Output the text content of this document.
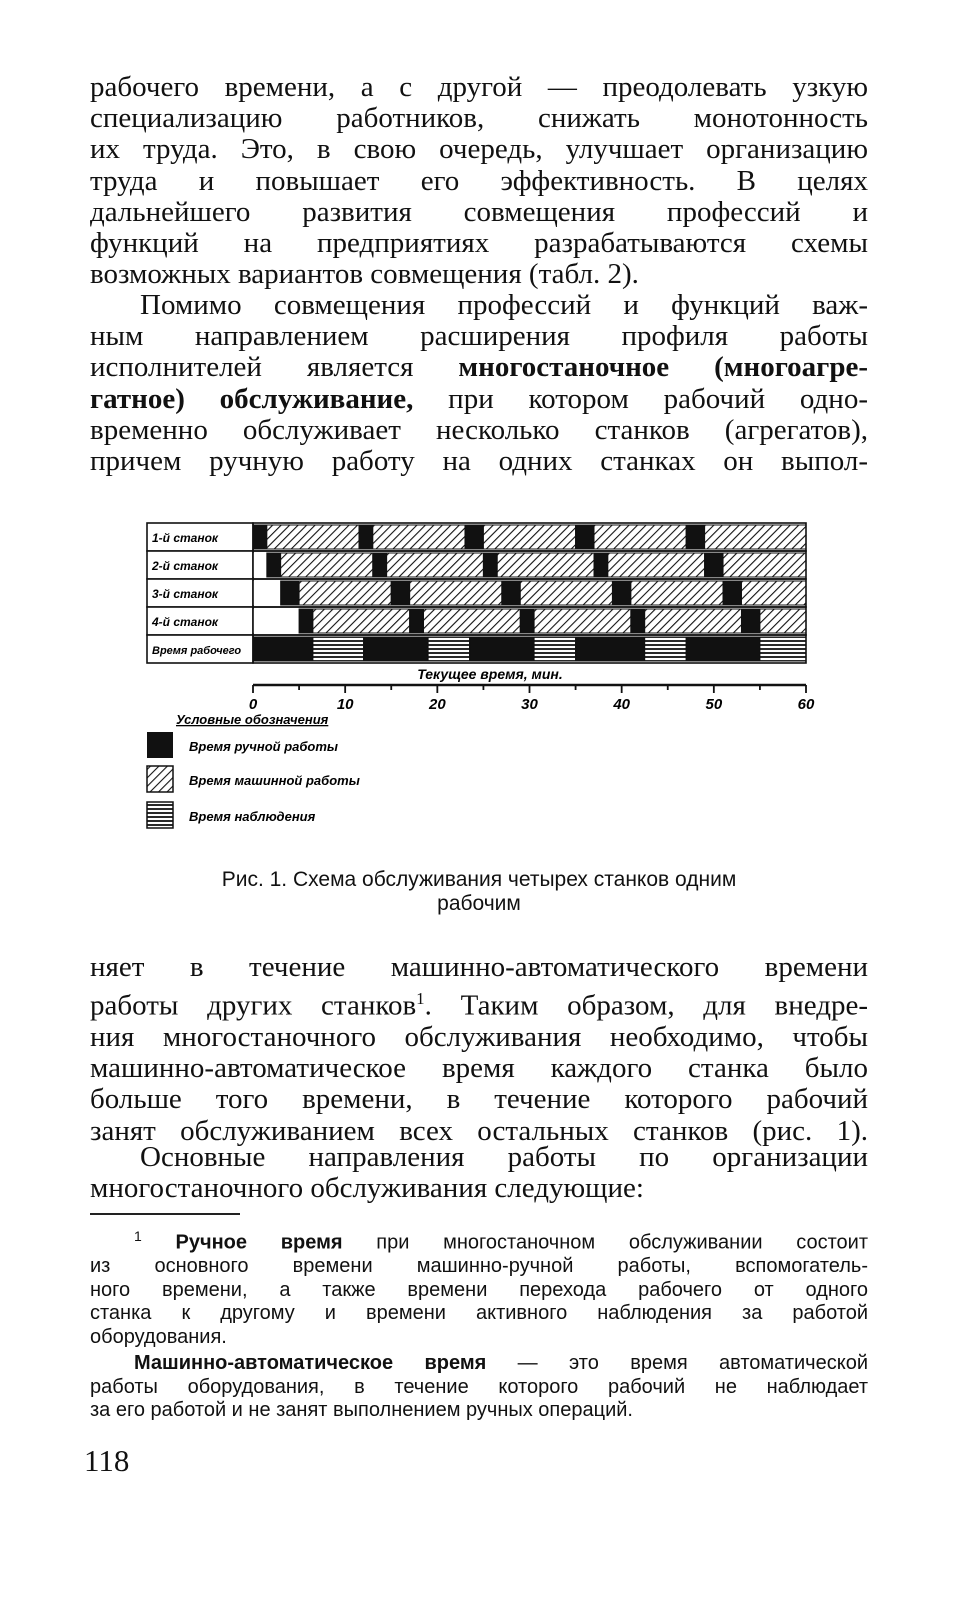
рабочего времени, а с другой — преодолевать узкую
специализацию работников, снижать монотонность
их труда. Это, в свою очередь, улучшает организацию
труда и повышает его эффективность. В целях
дальнейшего развития совмещения профессий и
функций на предприятиях разрабатываются схемы
возможных вариантов совмещения (табл. 2).
Помимо совмещения профессий и функций важ-
ным направлением расширения профиля работы
исполнителей является многостаночное (многоагре-
гатное) обслуживание, при котором рабочий одно-
временно обслуживает несколько станков (агрегатов),
причем ручную работу на одних станках он выпол-
1-й станок
2-й станок
3-й станок
4-й станок
Время рабочего
Текущее время, мин.
0	10	20	30	40	50	60
Условные обозначения
Время ручной работы
Время машинной работы
Время наблюдения
Рис. 1. Схема обслуживания четырех станков одним
рабочим
няет в течение машинно-автоматического времени
работы других станков$^1$. Таким образом, для внедре-
ния многостаночного обслуживания необходимо, чтобы
машинно-автоматическое время каждого станка было
больше того времени, в течение которого рабочий
занят обслуживанием всех остальных станков (рис. 1).
Основные направления работы по организации
многостаночного обслуживания следующие:
$^1$ Ручное время при многостаночном обслуживании состоит
из основного времени машинно-ручной работы, вспомогатель-
ного времени, а также времени перехода рабочего от одного
станка к другому и времени активного наблюдения за работой
оборудования.
Машинно-автоматическое время — это время автоматической
работы оборудования, в течение которого рабочий не наблюдает
за его работой и не занят выполнением ручных операций.
118
